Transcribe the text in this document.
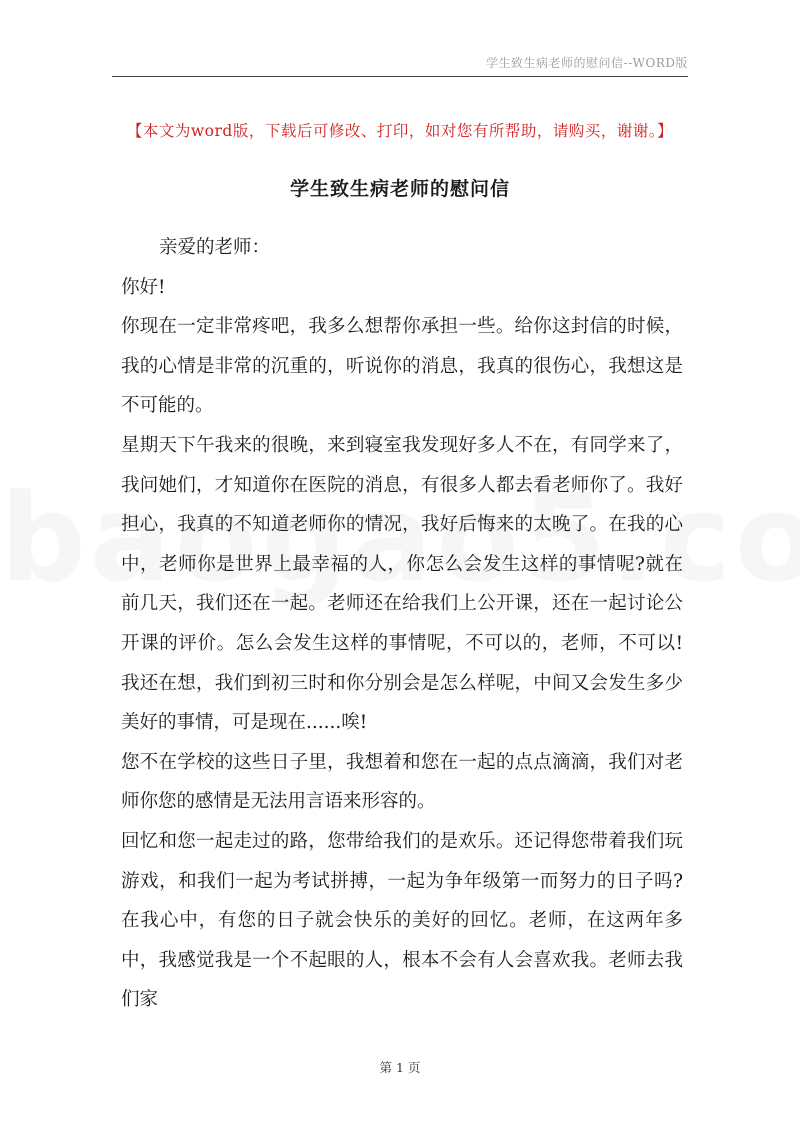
学生致生病老师的慰问信--WORD版
【本文为word版，下载后可修改、打印，如对您有所帮助，请购买，谢谢。】
学生致生病老师的慰问信

亲爱的老师：

你好!

你现在一定非常疼吧，我多么想帮你承担一些。给你这封信的时候，我的心情是非常的沉重的，听说你的消息，我真的很伤心，我想这是不可能的。

星期天下午我来的很晚，来到寝室我发现好多人不在，有同学来了，我问她们，才知道你在医院的消息，有很多人都去看老师你了。我好担心，我真的不知道老师你的情况，我好后悔来的太晚了。在我的心中，老师你是世界上最幸福的人，你怎么会发生这样的事情呢?就在前几天，我们还在一起。老师还在给我们上公开课，还在一起讨论公开课的评价。怎么会发生这样的事情呢，不可以的，老师，不可以!我还在想，我们到初三时和你分别会是怎么样呢，中间又会发生多少美好的事情，可是现在......唉!

您不在学校的这些日子里，我想着和您在一起的点点滴滴，我们对老师你您的感情是无法用言语来形容的。

回忆和您一起走过的路，您带给我们的是欢乐。还记得您带着我们玩游戏，和我们一起为考试拼搏，一起为争年级第一而努力的日子吗?在我心中，有您的日子就会快乐的美好的回忆。老师，在这两年多中，我感觉我是一个不起眼的人，根本不会有人会喜欢我。老师去我们家

第 1 页
